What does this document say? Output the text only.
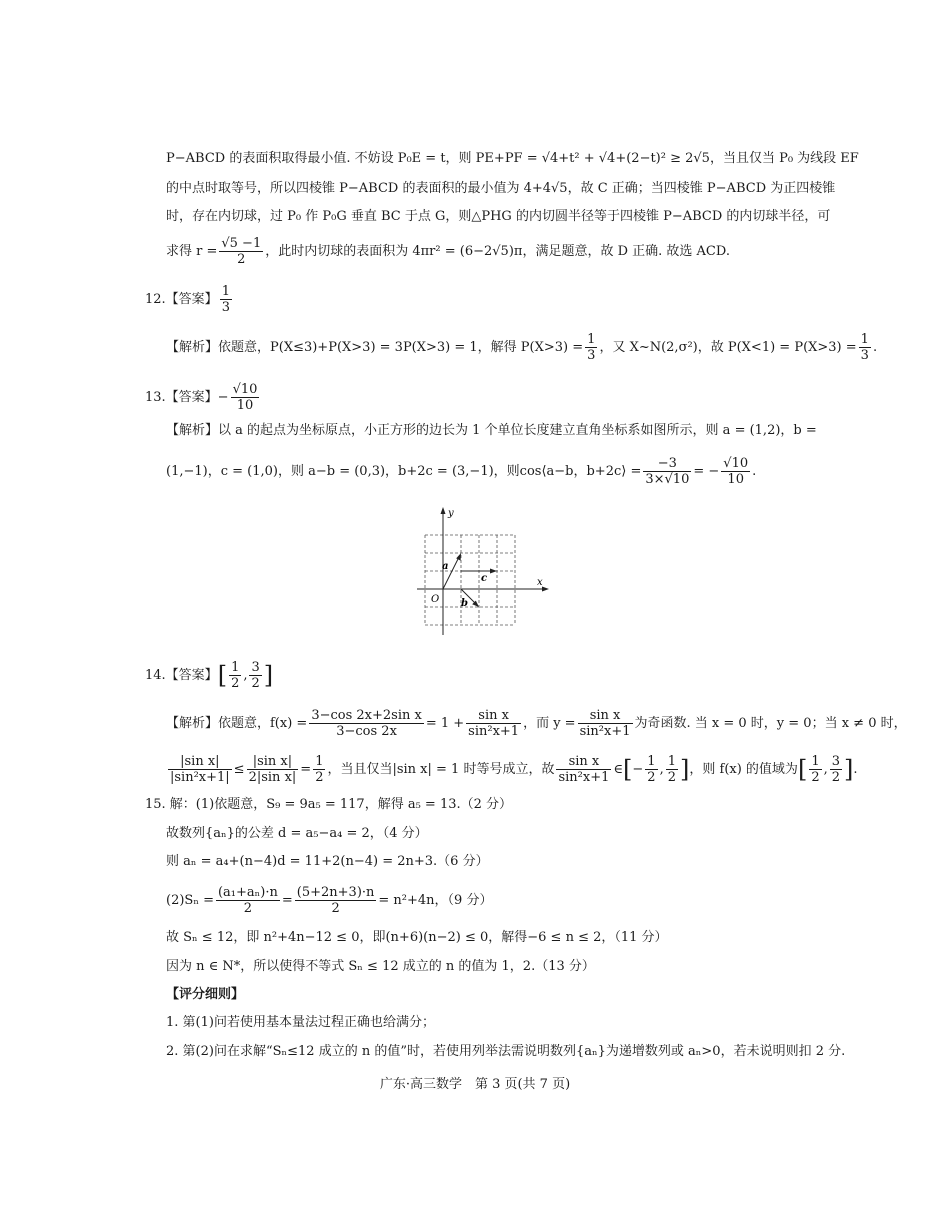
P−ABCD 的表面积取得最小值. 不妨设 P₀E = t，则 PE+PF = √4+t² + √4+(2−t)² ≥ 2√5，当且仅当 P₀ 为线段 EF
的中点时取等号，所以四棱锥 P−ABCD 的表面积的最小值为 4+4√5，故 C 正确；当四棱锥 P−ABCD 为正四棱锥
时，存在内切球，过 P₀ 作 P₀G 垂直 BC 于点 G，则△PHG 的内切圆半径等于四棱锥 P−ABCD 的内切球半径，可
求得 $r = \frac{√5 -1}{2}$ ，此时内切球的表面积为 4πr² = (6−2√5)π，满足题意，故 D 正确. 故选 ACD.
12.【答案】 $\frac{1}{3}$
【解析】依题意，P(X≤3)+P(X>3) = 3P(X>3) = 1，解得 $P(X>3) = \frac{1}{3}$ ，又 X~N(2,σ²)，故 $P(X<1) = P(X>3) = \frac{1}{3}$ .
13.【答案】− $\frac{√10}{10}$
【解析】以 a 的起点为坐标原点，小正方形的边长为 1 个单位长度建立直角坐标系如图所示，则 a = (1,2)，b =
(1,−1)，c = (1,0)，则 a−b = (0,3)，b+2c = (3,−1)，则cos⟨a−b，b+2c⟩ = $\frac{-3}{3\times√10}$ = − $\frac{√10}{10}$ .
y
x
O
a
c
b
14.【答案】[ $\frac{1}{2}$ , $\frac{3}{2}$ ]
【解析】依题意，$f(x) = \frac{\text{3−cos 2x+2sin x}}{3-\cos 2x} = 1 + \frac{\text{sin x}}{\text{sin²x+1}}$ ，而 $y = \frac{\text{sin x}}{\text{sin²x+1}}$ 为奇函数. 当 x = 0 时，y = 0；当 x ≠ 0 时，
$\frac{\text{|sin x|}}{\text{|sin²x+1|}} \le \frac{\text{|sin x|}}{\text{2|sin x|}} = \frac{1}{2}$ ，当且仅当|sin x| = 1 时等号成立，故 $\frac{\text{sin x}}{\text{sin²x+1}}$ ∈[− $\frac{1}{2}$ , $\frac{1}{2}$ ]，则 f(x) 的值域为[ $\frac{1}{2}$ , $\frac{3}{2}$ ].
15. 解：(1)依题意，S₉ = 9a₅ = 117，解得 a₅ = 13.（2 分）
故数列{aₙ}的公差 d = a₅−a₄ = 2，（4 分）
则 aₙ = a₄+(n−4)d = 11+2(n−4) = 2n+3.（6 分）
$(2)S_n = \frac{\text{(a₁+aₙ)·n}}{2} = \frac{(5+2n+3)\cdot n}{2} = n^2+4n$，（9 分）
故 Sₙ ≤ 12，即 n²+4n−12 ≤ 0，即(n+6)(n−2) ≤ 0，解得−6 ≤ n ≤ 2，（11 分）
因为 n ∈ N*，所以使得不等式 Sₙ ≤ 12 成立的 n 的值为 1，2.（13 分）
【评分细则】
1. 第(1)问若使用基本量法过程正确也给满分；
2. 第(2)问在求解“Sₙ≤12 成立的 n 的值”时，若使用列举法需说明数列{aₙ}为递增数列或 aₙ>0，若未说明则扣 2 分.
广东·高三数学　第 3 页(共 7 页)
